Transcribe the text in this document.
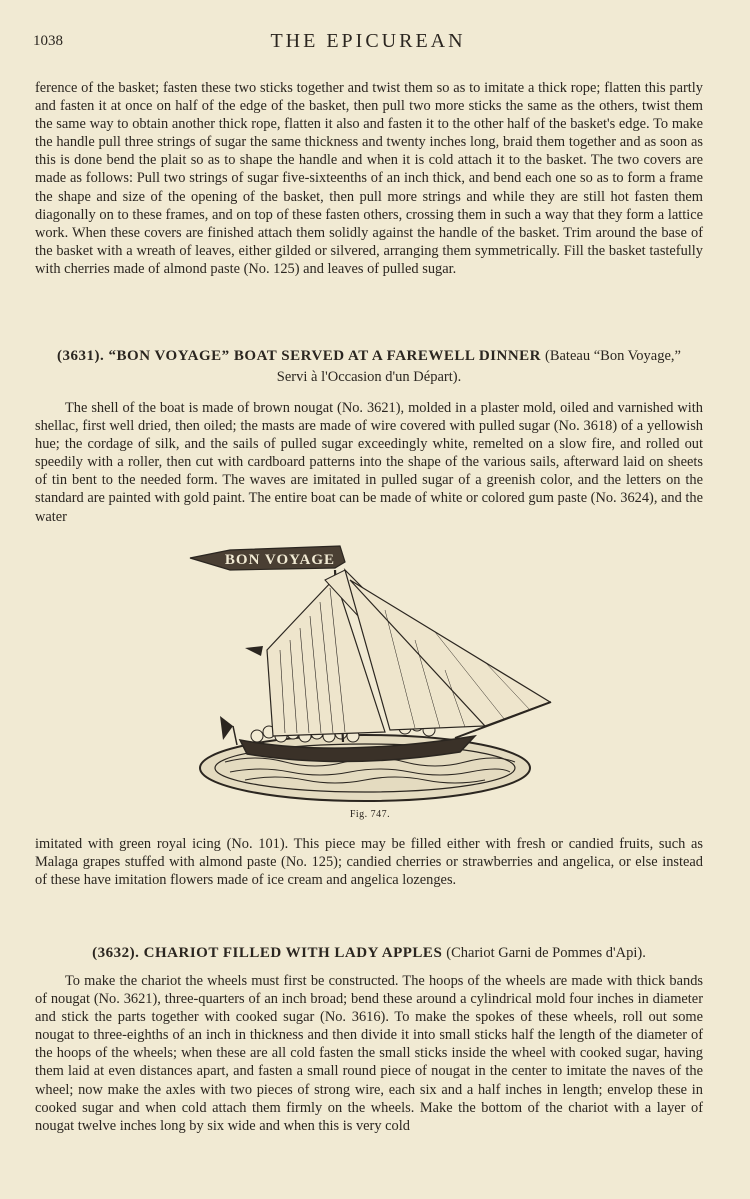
1038	THE EPICUREAN

ference of the basket; fasten these two sticks together and twist them so as to imitate a thick rope; flatten this partly and fasten it at once on half of the edge of the basket, then pull two more sticks the same as the others, twist them the same way to obtain another thick rope, flatten it also and fasten it to the other half of the basket's edge. To make the handle pull three strings of sugar the same thickness and twenty inches long, braid them together and as soon as this is done bend the plait so as to shape the handle and when it is cold attach it to the basket. The two covers are made as follows: Pull two strings of sugar five-sixteenths of an inch thick, and bend each one so as to form a frame the shape and size of the opening of the basket, then pull more strings and while they are still hot fasten them diagonally on to these frames, and on top of these fasten others, crossing them in such a way that they form a lattice work. When these covers are finished attach them solidly against the handle of the basket. Trim around the base of the basket with a wreath of leaves, either gilded or silvered, arranging them symmetrically. Fill the basket tastefully with cherries made of almond paste (No. 125) and leaves of pulled sugar.

(3631). “BON VOYAGE” BOAT SERVED AT A FAREWELL DINNER (Bateau “Bon Voyage,”
Servi à l'Occasion d'un Départ).

The shell of the boat is made of brown nougat (No. 3621), molded in a plaster mold, oiled and varnished with shellac, first well dried, then oiled; the masts are made of wire covered with pulled sugar (No. 3618) of a yellowish hue; the cordage of silk, and the sails of pulled sugar exceedingly white, remelted on a slow fire, and rolled out speedily with a roller, then cut with cardboard patterns into the shape of the various sails, afterward laid on sheets of tin bent to the needed form. The waves are imitated in pulled sugar of a greenish color, and the letters on the standard are painted with gold paint. The entire boat can be made of white or colored gum paste (No. 3624), and the water

BON VOYAGE
Fig. 747.

imitated with green royal icing (No. 101). This piece may be filled either with fresh or candied fruits, such as Malaga grapes stuffed with almond paste (No. 125); candied cherries or strawberries and angelica, or else instead of these have imitation flowers made of ice cream and angelica lozenges.

(3632). CHARIOT FILLED WITH LADY APPLES (Chariot Garni de Pommes d'Api).

To make the chariot the wheels must first be constructed. The hoops of the wheels are made with thick bands of nougat (No. 3621), three-quarters of an inch broad; bend these around a cylindrical mold four inches in diameter and stick the parts together with cooked sugar (No. 3616). To make the spokes of these wheels, roll out some nougat to three-eighths of an inch in thickness and then divide it into small sticks half the length of the diameter of the hoops of the wheels; when these are all cold fasten the small sticks inside the wheel with cooked sugar, having them laid at even distances apart, and fasten a small round piece of nougat in the center to imitate the naves of the wheel; now make the axles with two pieces of strong wire, each six and a half inches in length; envelop these in cooked sugar and when cold attach them firmly on the wheels. Make the bottom of the chariot with a layer of nougat twelve inches long by six wide and when this is very cold
